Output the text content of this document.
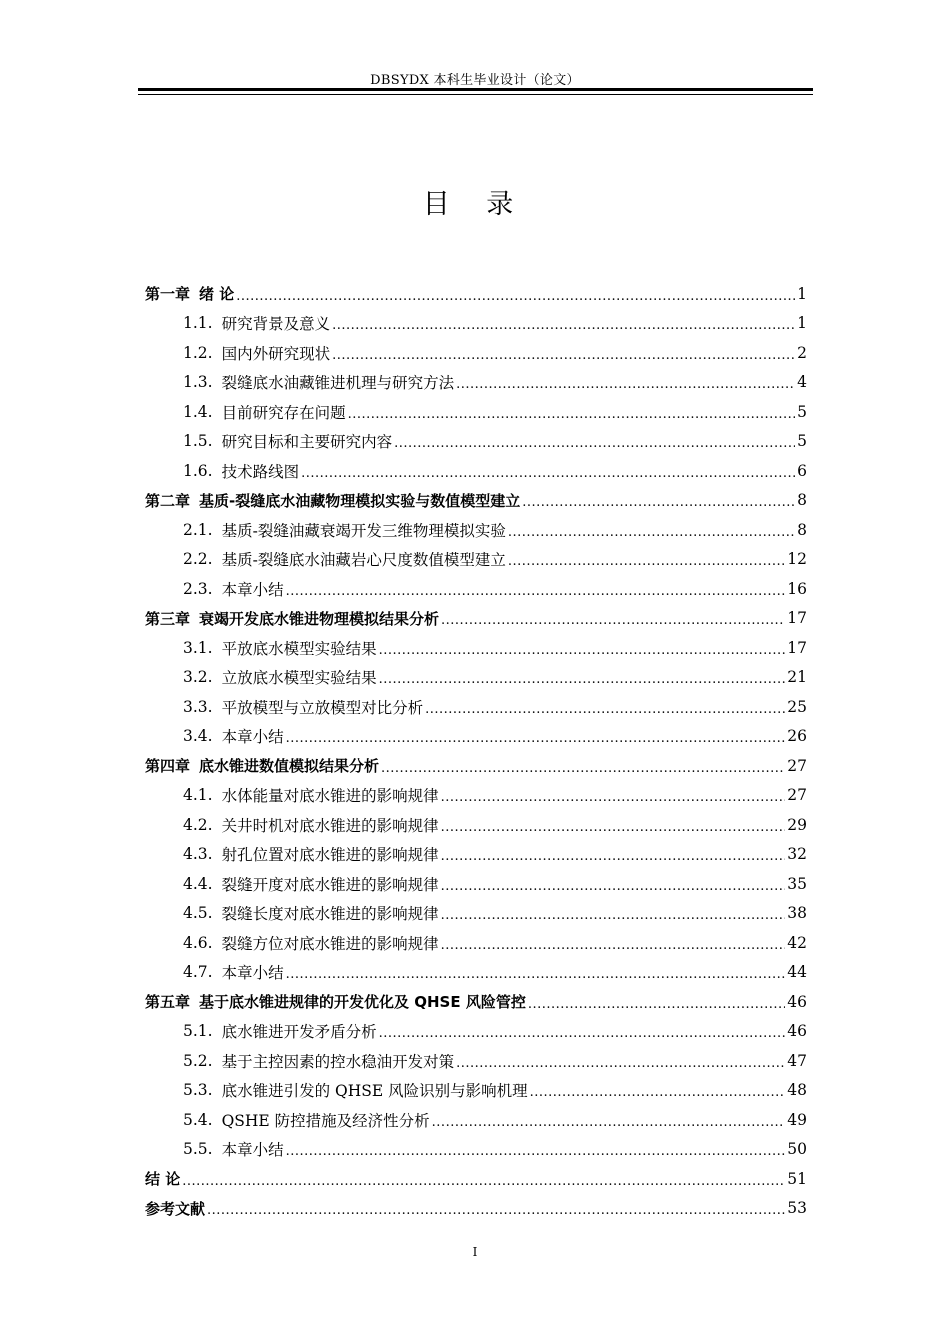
DBSYDX 本科生毕业设计（论文）
目 录
第一章 绪 论 .....	1
1.1. 研究背景及意义 .....	1
1.2. 国内外研究现状 .....	2
1.3. 裂缝底水油藏锥进机理与研究方法 .....	4
1.4. 目前研究存在问题 .....	5
1.5. 研究目标和主要研究内容 .....	5
1.6. 技术路线图 .....	6
第二章 基质-裂缝底水油藏物理模拟实验与数值模型建立 .....	8
2.1. 基质-裂缝油藏衰竭开发三维物理模拟实验 .....	8
2.2. 基质-裂缝底水油藏岩心尺度数值模型建立 .....	12
2.3. 本章小结 .....	16
第三章 衰竭开发底水锥进物理模拟结果分析 .....	17
3.1. 平放底水模型实验结果 .....	17
3.2. 立放底水模型实验结果 .....	21
3.3. 平放模型与立放模型对比分析 .....	25
3.4. 本章小结 .....	26
第四章 底水锥进数值模拟结果分析 .....	27
4.1. 水体能量对底水锥进的影响规律 .....	27
4.2. 关井时机对底水锥进的影响规律 .....	29
4.3. 射孔位置对底水锥进的影响规律 .....	32
4.4. 裂缝开度对底水锥进的影响规律 .....	35
4.5. 裂缝长度对底水锥进的影响规律 .....	38
4.6. 裂缝方位对底水锥进的影响规律 .....	42
4.7. 本章小结 .....	44
第五章 基于底水锥进规律的开发优化及 QHSE 风险管控 .....	46
5.1. 底水锥进开发矛盾分析 .....	46
5.2. 基于主控因素的控水稳油开发对策 .....	47
5.3. 底水锥进引发的 QHSE 风险识别与影响机理 .....	48
5.4. QSHE 防控措施及经济性分析 .....	49
5.5. 本章小结 .....	50
结 论 .....	51
参考文献 .....	53
I
